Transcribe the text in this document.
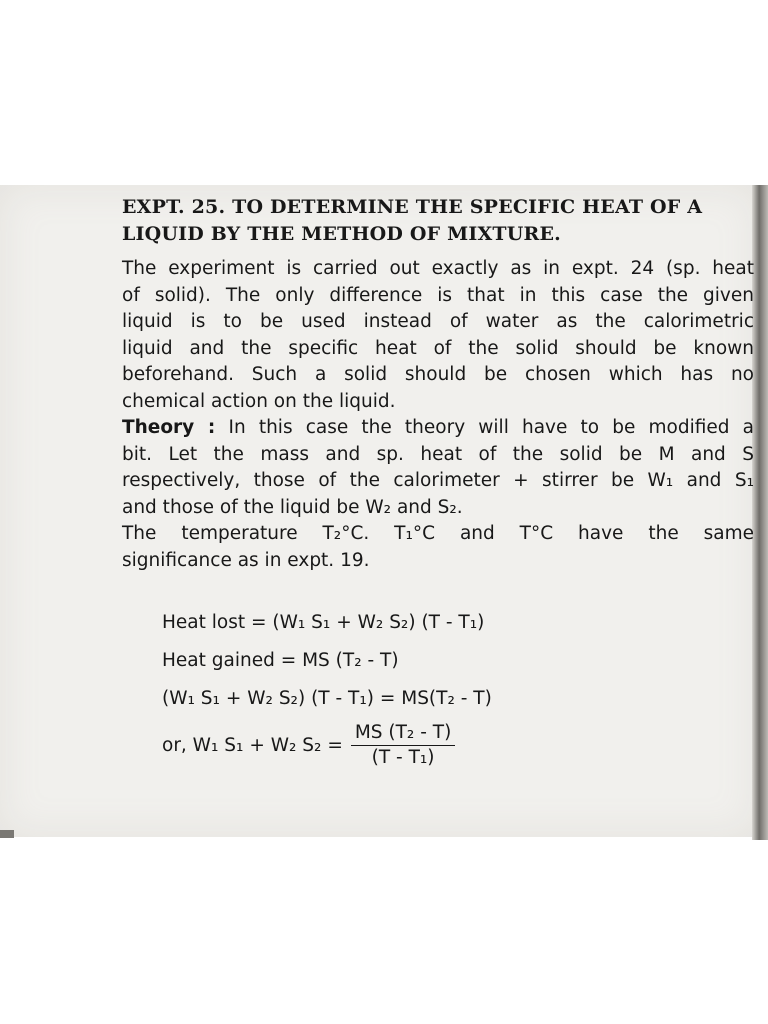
EXPT. 25. TO DETERMINE THE SPECIFIC HEAT OF A
LIQUID BY THE METHOD OF MIXTURE.
The experiment is carried out exactly as in expt. 24 (sp. heat
of solid). The only difference is that in this case the given
liquid is to be used instead of water as the calorimetric
liquid and the specific heat of the solid should be known
beforehand. Such a solid should be chosen which has no
chemical action on the liquid.
Theory : In this case the theory will have to be modified a
bit. Let the mass and sp. heat of the solid be M and S
respectively, those of the calorimeter + stirrer be W₁ and S₁
and those of the liquid be W₂ and S₂.
The temperature T₂°C. T₁°C and T°C have the same
significance as in expt. 19.
Heat lost = (W₁ S₁ + W₂ S₂) (T - T₁)
Heat gained = MS (T₂ - T)
(W₁ S₁ + W₂ S₂) (T - T₁) = MS(T₂ - T)
or, W₁ S₁ + W₂ $S_2 = \frac{\text{MS (T₂ - T)}}{\text{(T - T₁)}}$
